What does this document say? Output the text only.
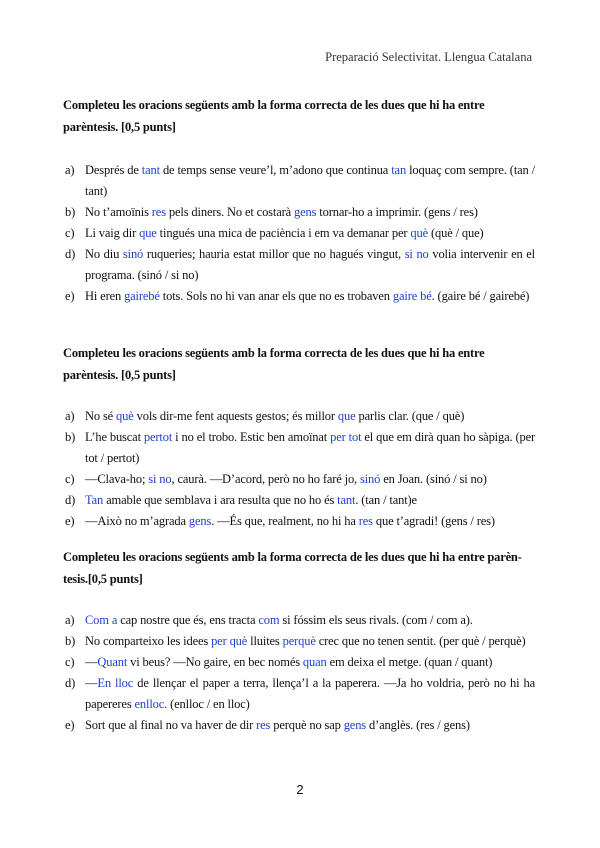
Preparació Selectivitat. Llengua Catalana

Completeu les oracions següents amb la forma correcta de les dues que hi ha entre parèntesis. [0,5 punts]

a) Després de tant de temps sense veure’l, m’adono que continua tan loquaç com sempre. (tan / tant)
b) No t’amoïnis res pels diners. No et costarà gens tornar-ho a imprimir. (gens / res)
c) Li vaig dir que tingués una mica de paciència i em va demanar per què (què / que)
d) No diu sinó ruqueries; hauria estat millor que no hagués vingut, si no volia intervenir en el programa. (sinó / si no)
e) Hi eren gairebé tots. Sols no hi van anar els que no es trobaven gaire bé. (gaire bé / gairebé)

Completeu les oracions següents amb la forma correcta de les dues que hi ha entre parèntesis. [0,5 punts]

a) No sé què vols dir-me fent aquests gestos; és millor que parlis clar. (que / què)
b) L’he buscat pertot i no el trobo. Estic ben amoïnat per tot el que em dirà quan ho sàpiga. (per tot / pertot)
c) —Clava-ho; si no, caurà. —D’acord, però no ho faré jo, sinó en Joan. (sinó / si no)
d) Tan amable que semblava i ara resulta que no ho és tant. (tan / tant)e
e) —Això no m’agrada gens. —És que, realment, no hi ha res que t’agradi! (gens / res)

Completeu les oracions següents amb la forma correcta de les dues que hi ha entre parèn-tesis.[0,5 punts]

a) Com a cap nostre que és, ens tracta com si fóssim els seus rivals. (com / com a).
b) No comparteixo les idees per què lluites perquè crec que no tenen sentit. (per què / perquè)
c) —Quant vi beus? —No gaire, en bec només quan em deixa el metge. (quan / quant)
d) —En lloc de llençar el paper a terra, llença’l a la paperera. —Ja ho voldria, però no hi ha papereres enlloc. (enlloc / en lloc)
e) Sort que al final no va haver de dir res perquè no sap gens d’anglès. (res / gens)
2
